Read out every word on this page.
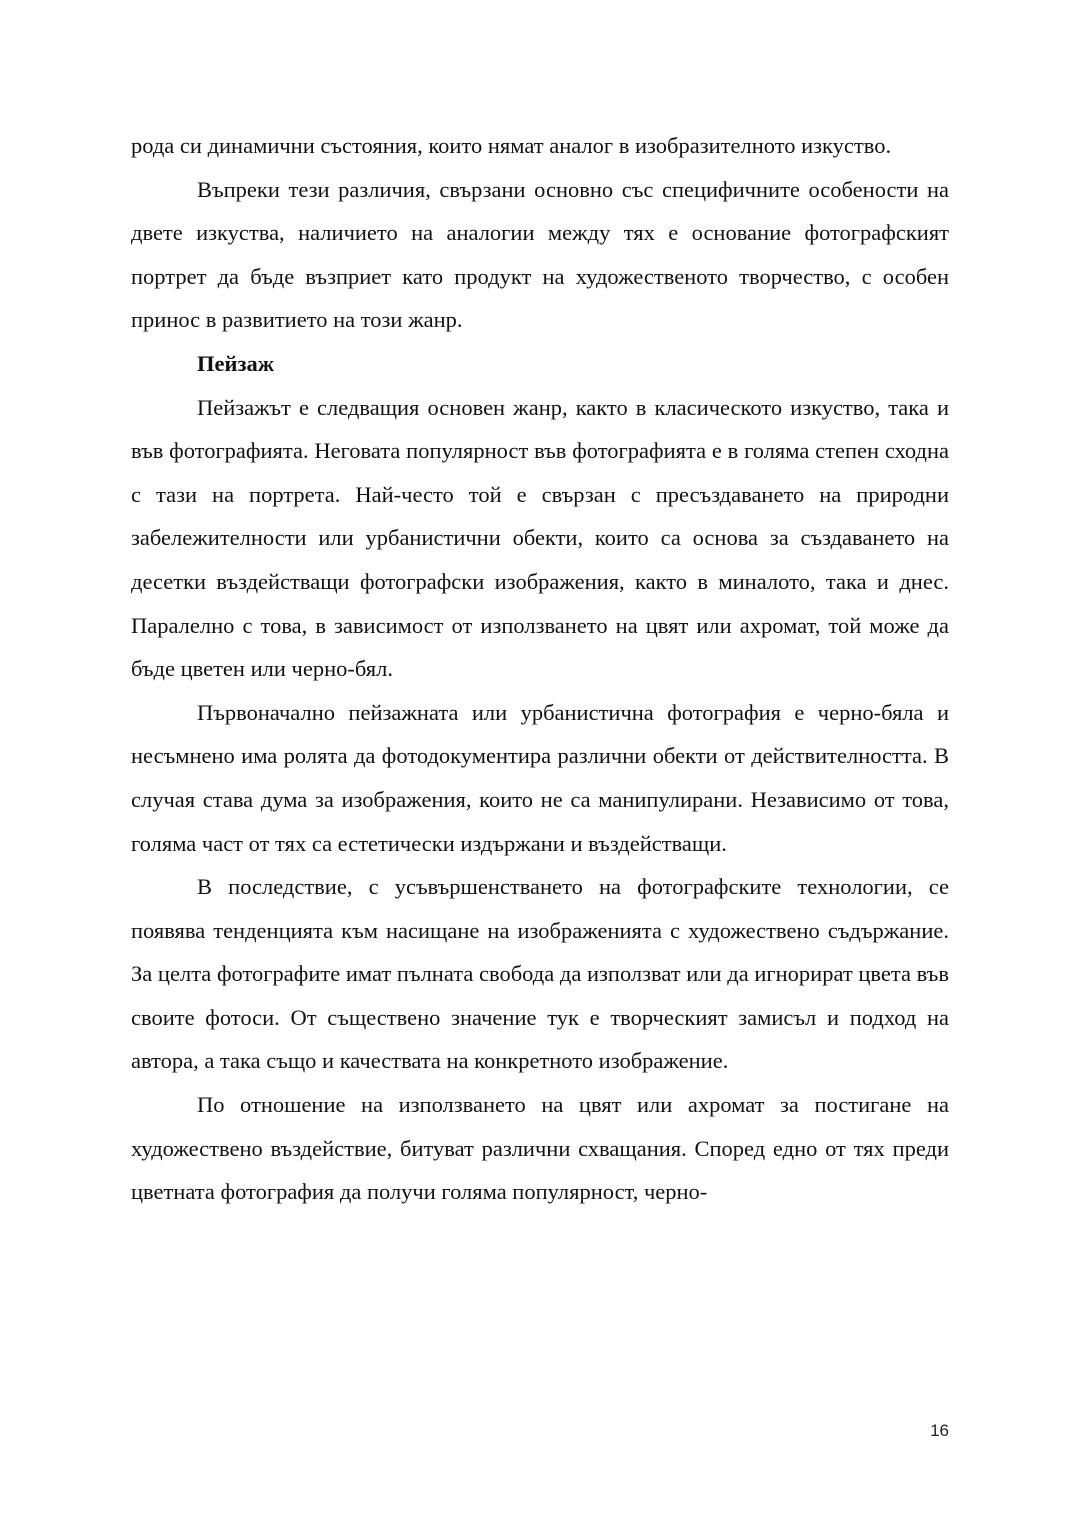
рода си динамични състояния, които нямат аналог в изобразителното изкуство.

Въпреки тези различия, свързани основно със специфичните особености на двете изкуства, наличието на аналогии между тях е основание фотографският портрет да бъде възприет като продукт на художественото творчество, с особен принос в развитието на този жанр.

Пейзаж

Пейзажът е следващия основен жанр, както в класическото изкуство, така и във фотографията. Неговата популярност във фотографията е в голяма степен сходна с тази на портрета. Най-често той е свързан с пресъздаването на природни забележителности или урбанистични обекти, които са основа за създаването на десетки въздействащи фотографски изображения, както в миналото, така и днес. Паралелно с това, в зависимост от използването на цвят или ахромат, той може да бъде цветен или черно-бял.

Първоначално пейзажната или урбанистична фотография е черно-бяла и несъмнено има ролята да фотодокументира различни обекти от действителността. В случая става дума за изображения, които не са манипулирани. Независимо от това, голяма част от тях са естетически издържани и въздействащи.

В последствие, с усъвършенстването на фотографските технологии, се появява тенденцията към насищане на изображенията с художествено съдържание. За целта фотографите имат пълната свобода да използват или да игнорират цвета във своите фотоси. От съществено значение тук е творческият замисъл и подход на автора, а така също и качествата на конкретното изображение.

По отношение на използването на цвят или ахромат за постигане на художествено въздействие, битуват различни схващания. Според едно от тях преди цветната фотография да получи голяма популярност, черно-

16
